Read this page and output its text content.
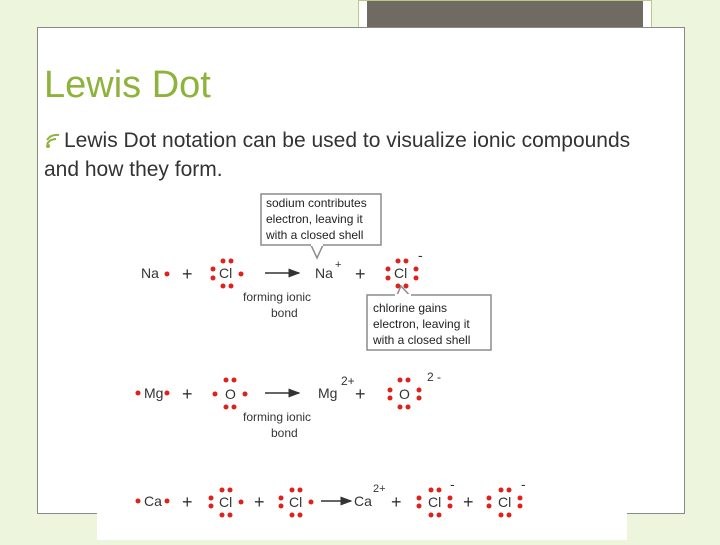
Lewis Dot
Lewis Dot notation can be used to visualize ionic compounds
and how they form.
sodium contributes
electron, leaving it
with a closed shell
Na + Cl	Na + + Cl
-
forming ionic
bond	chlorine gains
electron, leaving it
with a closed shell
Mg + O	Mg
2+
+ O
2 -
forming ionic
bond
Ca + Cl + Cl	Ca
2+
+ Cl
-
+ Cl
-
